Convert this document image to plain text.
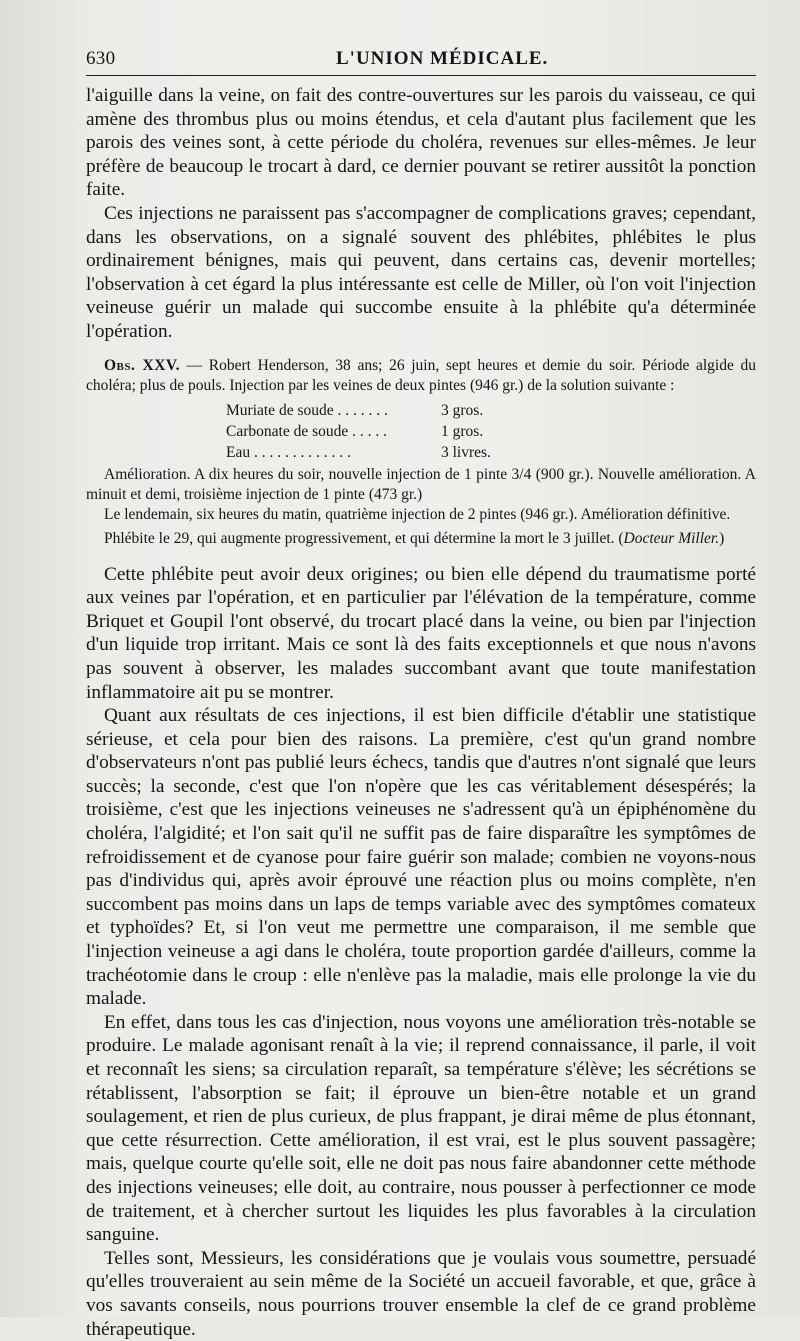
630	L'UNION MÉDICALE.

l'aiguille dans la veine, on fait des contre-ouvertures sur les parois du vaisseau, ce qui amène des thrombus plus ou moins étendus, et cela d'autant plus facilement que les parois des veines sont, à cette période du choléra, revenues sur elles-mêmes. Je leur préfère de beaucoup le trocart à dard, ce dernier pouvant se retirer aussitôt la ponction faite.

Ces injections ne paraissent pas s'accompagner de complications graves; cependant, dans les observations, on a signalé souvent des phlébites, phlébites le plus ordinairement bénignes, mais qui peuvent, dans certains cas, devenir mortelles; l'observation à cet égard la plus intéressante est celle de Miller, où l'on voit l'injection veineuse guérir un malade qui succombe ensuite à la phlébite qu'a déterminée l'opération.

Obs. XXV. — Robert Henderson, 38 ans; 26 juin, sept heures et demie du soir. Période algide du choléra; plus de pouls. Injection par les veines de deux pintes (946 gr.) de la solution suivante :

Muriate de soude . . . . . . .	3 gros.
Carbonate de soude . . . . .	1 gros.
Eau . . . . . . . . . . . . .	3 livres.

Amélioration. A dix heures du soir, nouvelle injection de 1 pinte 3/4 (900 gr.). Nouvelle amélioration. A minuit et demi, troisième injection de 1 pinte (473 gr.)

Le lendemain, six heures du matin, quatrième injection de 2 pintes (946 gr.). Amélioration définitive.

Phlébite le 29, qui augmente progressivement, et qui détermine la mort le 3 juillet. (Docteur Miller.)

Cette phlébite peut avoir deux origines; ou bien elle dépend du traumatisme porté aux veines par l'opération, et en particulier par l'élévation de la température, comme Briquet et Goupil l'ont observé, du trocart placé dans la veine, ou bien par l'injection d'un liquide trop irritant. Mais ce sont là des faits exceptionnels et que nous n'avons pas souvent à observer, les malades succombant avant que toute manifestation inflammatoire ait pu se montrer.

Quant aux résultats de ces injections, il est bien difficile d'établir une statistique sérieuse, et cela pour bien des raisons. La première, c'est qu'un grand nombre d'observateurs n'ont pas publié leurs échecs, tandis que d'autres n'ont signalé que leurs succès; la seconde, c'est que l'on n'opère que les cas véritablement désespérés; la troisième, c'est que les injections veineuses ne s'adressent qu'à un épiphénomène du choléra, l'algidité; et l'on sait qu'il ne suffit pas de faire disparaître les symptômes de refroidissement et de cyanose pour faire guérir son malade; combien ne voyons-nous pas d'individus qui, après avoir éprouvé une réaction plus ou moins complète, n'en succombent pas moins dans un laps de temps variable avec des symptômes comateux et typhoïdes? Et, si l'on veut me permettre une comparaison, il me semble que l'injection veineuse a agi dans le choléra, toute proportion gardée d'ailleurs, comme la trachéotomie dans le croup : elle n'enlève pas la maladie, mais elle prolonge la vie du malade.

En effet, dans tous les cas d'injection, nous voyons une amélioration très-notable se produire. Le malade agonisant renaît à la vie; il reprend connaissance, il parle, il voit et reconnaît les siens; sa circulation reparaît, sa température s'élève; les sécrétions se rétablissent, l'absorption se fait; il éprouve un bien-être notable et un grand soulagement, et rien de plus curieux, de plus frappant, je dirai même de plus étonnant, que cette résurrection. Cette amélioration, il est vrai, est le plus souvent passagère; mais, quelque courte qu'elle soit, elle ne doit pas nous faire abandonner cette méthode des injections veineuses; elle doit, au contraire, nous pousser à perfectionner ce mode de traitement, et à chercher surtout les liquides les plus favorables à la circulation sanguine.

Telles sont, Messieurs, les considérations que je voulais vous soumettre, persuadé qu'elles trouveraient au sein même de la Société un accueil favorable, et que, grâce à vos savants conseils, nous pourrions trouver ensemble la clef de ce grand problème thérapeutique.
